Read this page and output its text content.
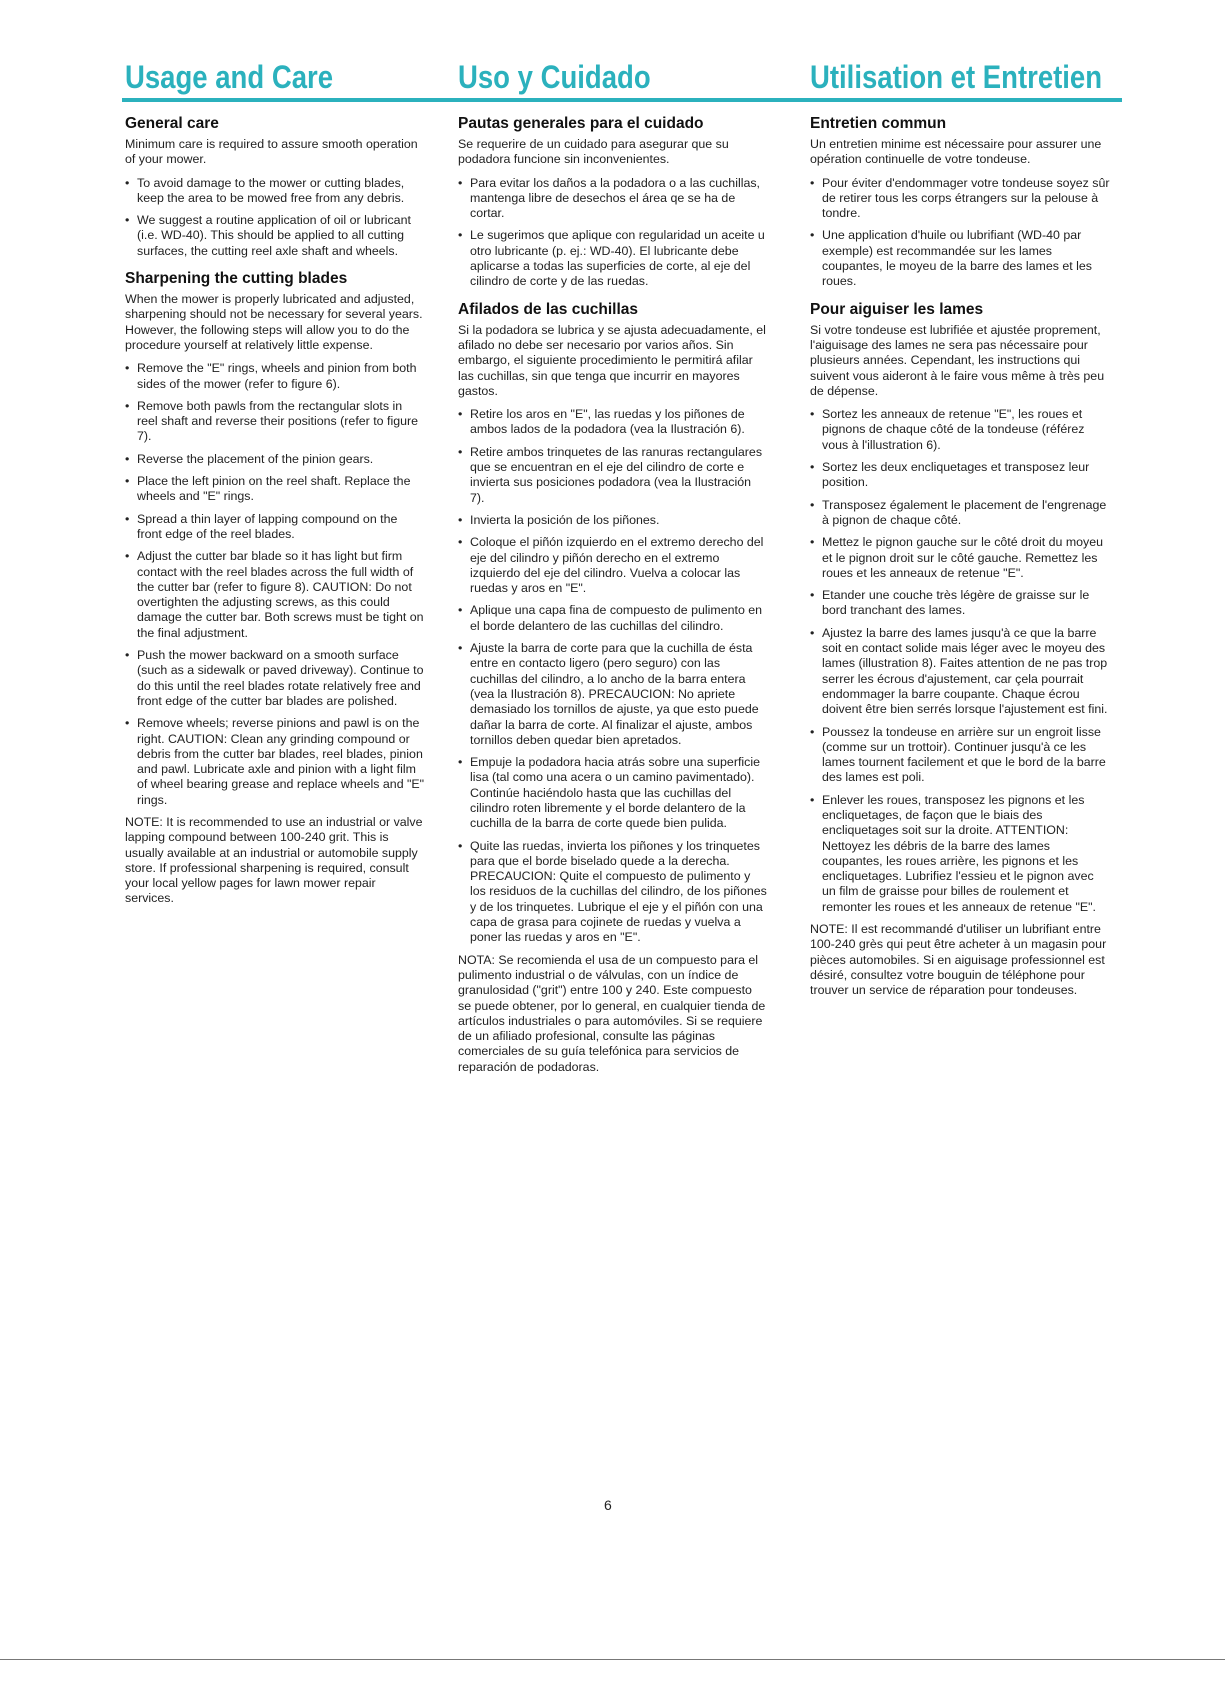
Usage and Care
General care

Minimum care is required to assure smooth operation of your mower.

• To avoid damage to the mower or cutting blades, keep the area to be mowed free from any debris.
• We suggest a routine application of oil or lubricant (i.e. WD-40). This should be applied to all cutting surfaces, the cutting reel axle shaft and wheels.
Sharpening the cutting blades

When the mower is properly lubricated and adjusted, sharpening should not be necessary for several years. However, the following steps will allow you to do the procedure yourself at relatively little expense.

• Remove the "E" rings, wheels and pinion from both sides of the mower (refer to figure 6).
• Remove both pawls from the rectangular slots in reel shaft and reverse their positions (refer to figure 7).
• Reverse the placement of the pinion gears.
• Place the left pinion on the reel shaft. Replace the wheels and "E" rings.
• Spread a thin layer of lapping compound on the front edge of the reel blades.
• Adjust the cutter bar blade so it has light but firm contact with the reel blades across the full width of the cutter bar (refer to figure 8). CAUTION: Do not overtighten the adjusting screws, as this could damage the cutter bar. Both screws must be tight on the final adjustment.
• Push the mower backward on a smooth surface (such as a sidewalk or paved driveway). Continue to do this until the reel blades rotate relatively free and front edge of the cutter bar blades are polished.
• Remove wheels; reverse pinions and pawl is on the right. CAUTION: Clean any grinding compound or debris from the cutter bar blades, reel blades, pinion and pawl. Lubricate axle and pinion with a light film of wheel bearing grease and replace wheels and "E" rings.

NOTE: It is recommended to use an industrial or valve lapping compound between 100-240 grit. This is usually available at an industrial or automobile supply store. If professional sharpening is required, consult your local yellow pages for lawn mower repair services.

Uso y Cuidado
Pautas generales para el cuidado

Se requerire de un cuidado para asegurar que su podadora funcione sin inconvenientes.

• Para evitar los daños a la podadora o a las cuchillas, mantenga libre de desechos el área qe se ha de cortar.
• Le sugerimos que aplique con regularidad un aceite u otro lubricante (p. ej.: WD-40). El lubricante debe aplicarse a todas las superficies de corte, al eje del cilindro de corte y de las ruedas.
Afilados de las cuchillas

Si la podadora se lubrica y se ajusta adecuadamente, el afilado no debe ser necesario por varios años. Sin embargo, el siguiente procedimiento le permitirá afilar las cuchillas, sin que tenga que incurrir en mayores gastos.

• Retire los aros en "E", las ruedas y los piñones de ambos lados de la podadora (vea la Ilustración 6).
• Retire ambos trinquetes de las ranuras rectangulares que se encuentran en el eje del cilindro de corte e invierta sus posiciones podadora (vea la Ilustración 7).
• Invierta la posición de los piñones.
• Coloque el piñón izquierdo en el extremo derecho del eje del cilindro y piñón derecho en el extremo izquierdo del eje del cilindro. Vuelva a colocar las ruedas y aros en "E".
• Aplique una capa fina de compuesto de pulimento en el borde delantero de las cuchillas del cilindro.
• Ajuste la barra de corte para que la cuchilla de ésta entre en contacto ligero (pero seguro) con las cuchillas del cilindro, a lo ancho de la barra entera (vea la Ilustración 8). PRECAUCION: No apriete demasiado los tornillos de ajuste, ya que esto puede dañar la barra de corte. Al finalizar el ajuste, ambos tornillos deben quedar bien apretados.
• Empuje la podadora hacia atrás sobre una superficie lisa (tal como una acera o un camino pavimentado). Continúe haciéndolo hasta que las cuchillas del cilindro roten libremente y el borde delantero de la cuchilla de la barra de corte quede bien pulida.
• Quite las ruedas, invierta los piñones y los trinquetes para que el borde biselado quede a la derecha. PRECAUCION: Quite el compuesto de pulimento y los residuos de la cuchillas del cilindro, de los piñones y de los trinquetes. Lubrique el eje y el piñón con una capa de grasa para cojinete de ruedas y vuelva a poner las ruedas y aros en "E".

NOTA: Se recomienda el usa de un compuesto para el pulimento industrial o de válvulas, con un índice de granulosidad ("grit") entre 100 y 240. Este compuesto se puede obtener, por lo general, en cualquier tienda de artículos industriales o para automóviles. Si se requiere de un afiliado profesional, consulte las páginas comerciales de su guía telefónica para servicios de reparación de podadoras.

Utilisation et Entretien
Entretien commun

Un entretien minime est nécessaire pour assurer une opération continuelle de votre tondeuse.

• Pour éviter d'endommager votre tondeuse soyez sûr de retirer tous les corps étrangers sur la pelouse à tondre.
• Une application d'huile ou lubrifiant (WD-40 par exemple) est recommandée sur les lames coupantes, le moyeu de la barre des lames et les roues.
Pour aiguiser les lames

Si votre tondeuse est lubrifiée et ajustée proprement, l'aiguisage des lames ne sera pas nécessaire pour plusieurs années. Cependant, les instructions qui suivent vous aideront à le faire vous même à très peu de dépense.

• Sortez les anneaux de retenue "E", les roues et pignons de chaque côté de la tondeuse (référez vous à l'illustration 6).
• Sortez les deux encliquetages et transposez leur position.
• Transposez également le placement de l'engrenage à pignon de chaque côté.
• Mettez le pignon gauche sur le côté droit du moyeu et le pignon droit sur le côté gauche. Remettez les roues et les anneaux de retenue "E".
• Etander une couche très légère de graisse sur le bord tranchant des lames.
• Ajustez la barre des lames jusqu'à ce que la barre soit en contact solide mais léger avec le moyeu des lames (illustration 8). Faites attention de ne pas trop serrer les écrous d'ajustement, car çela pourrait endommager la barre coupante. Chaque écrou doivent être bien serrés lorsque l'ajustement est fini.
• Poussez la tondeuse en arrière sur un engroit lisse (comme sur un trottoir). Continuer jusqu'à ce les lames tournent facilement et que le bord de la barre des lames est poli.
• Enlever les roues, transposez les pignons et les encliquetages, de façon que le biais des encliquetages soit sur la droite. ATTENTION: Nettoyez les débris de la barre des lames coupantes, les roues arrière, les pignons et les encliquetages. Lubrifiez l'essieu et le pignon avec un film de graisse pour billes de roulement et remonter les roues et les anneaux de retenue "E".

NOTE: Il est recommandé d'utiliser un lubrifiant entre 100-240 grès qui peut être acheter à un magasin pour pièces automobiles. Si en aiguisage professionnel est désiré, consultez votre bouguin de téléphone pour trouver un service de réparation pour tondeuses.

6
